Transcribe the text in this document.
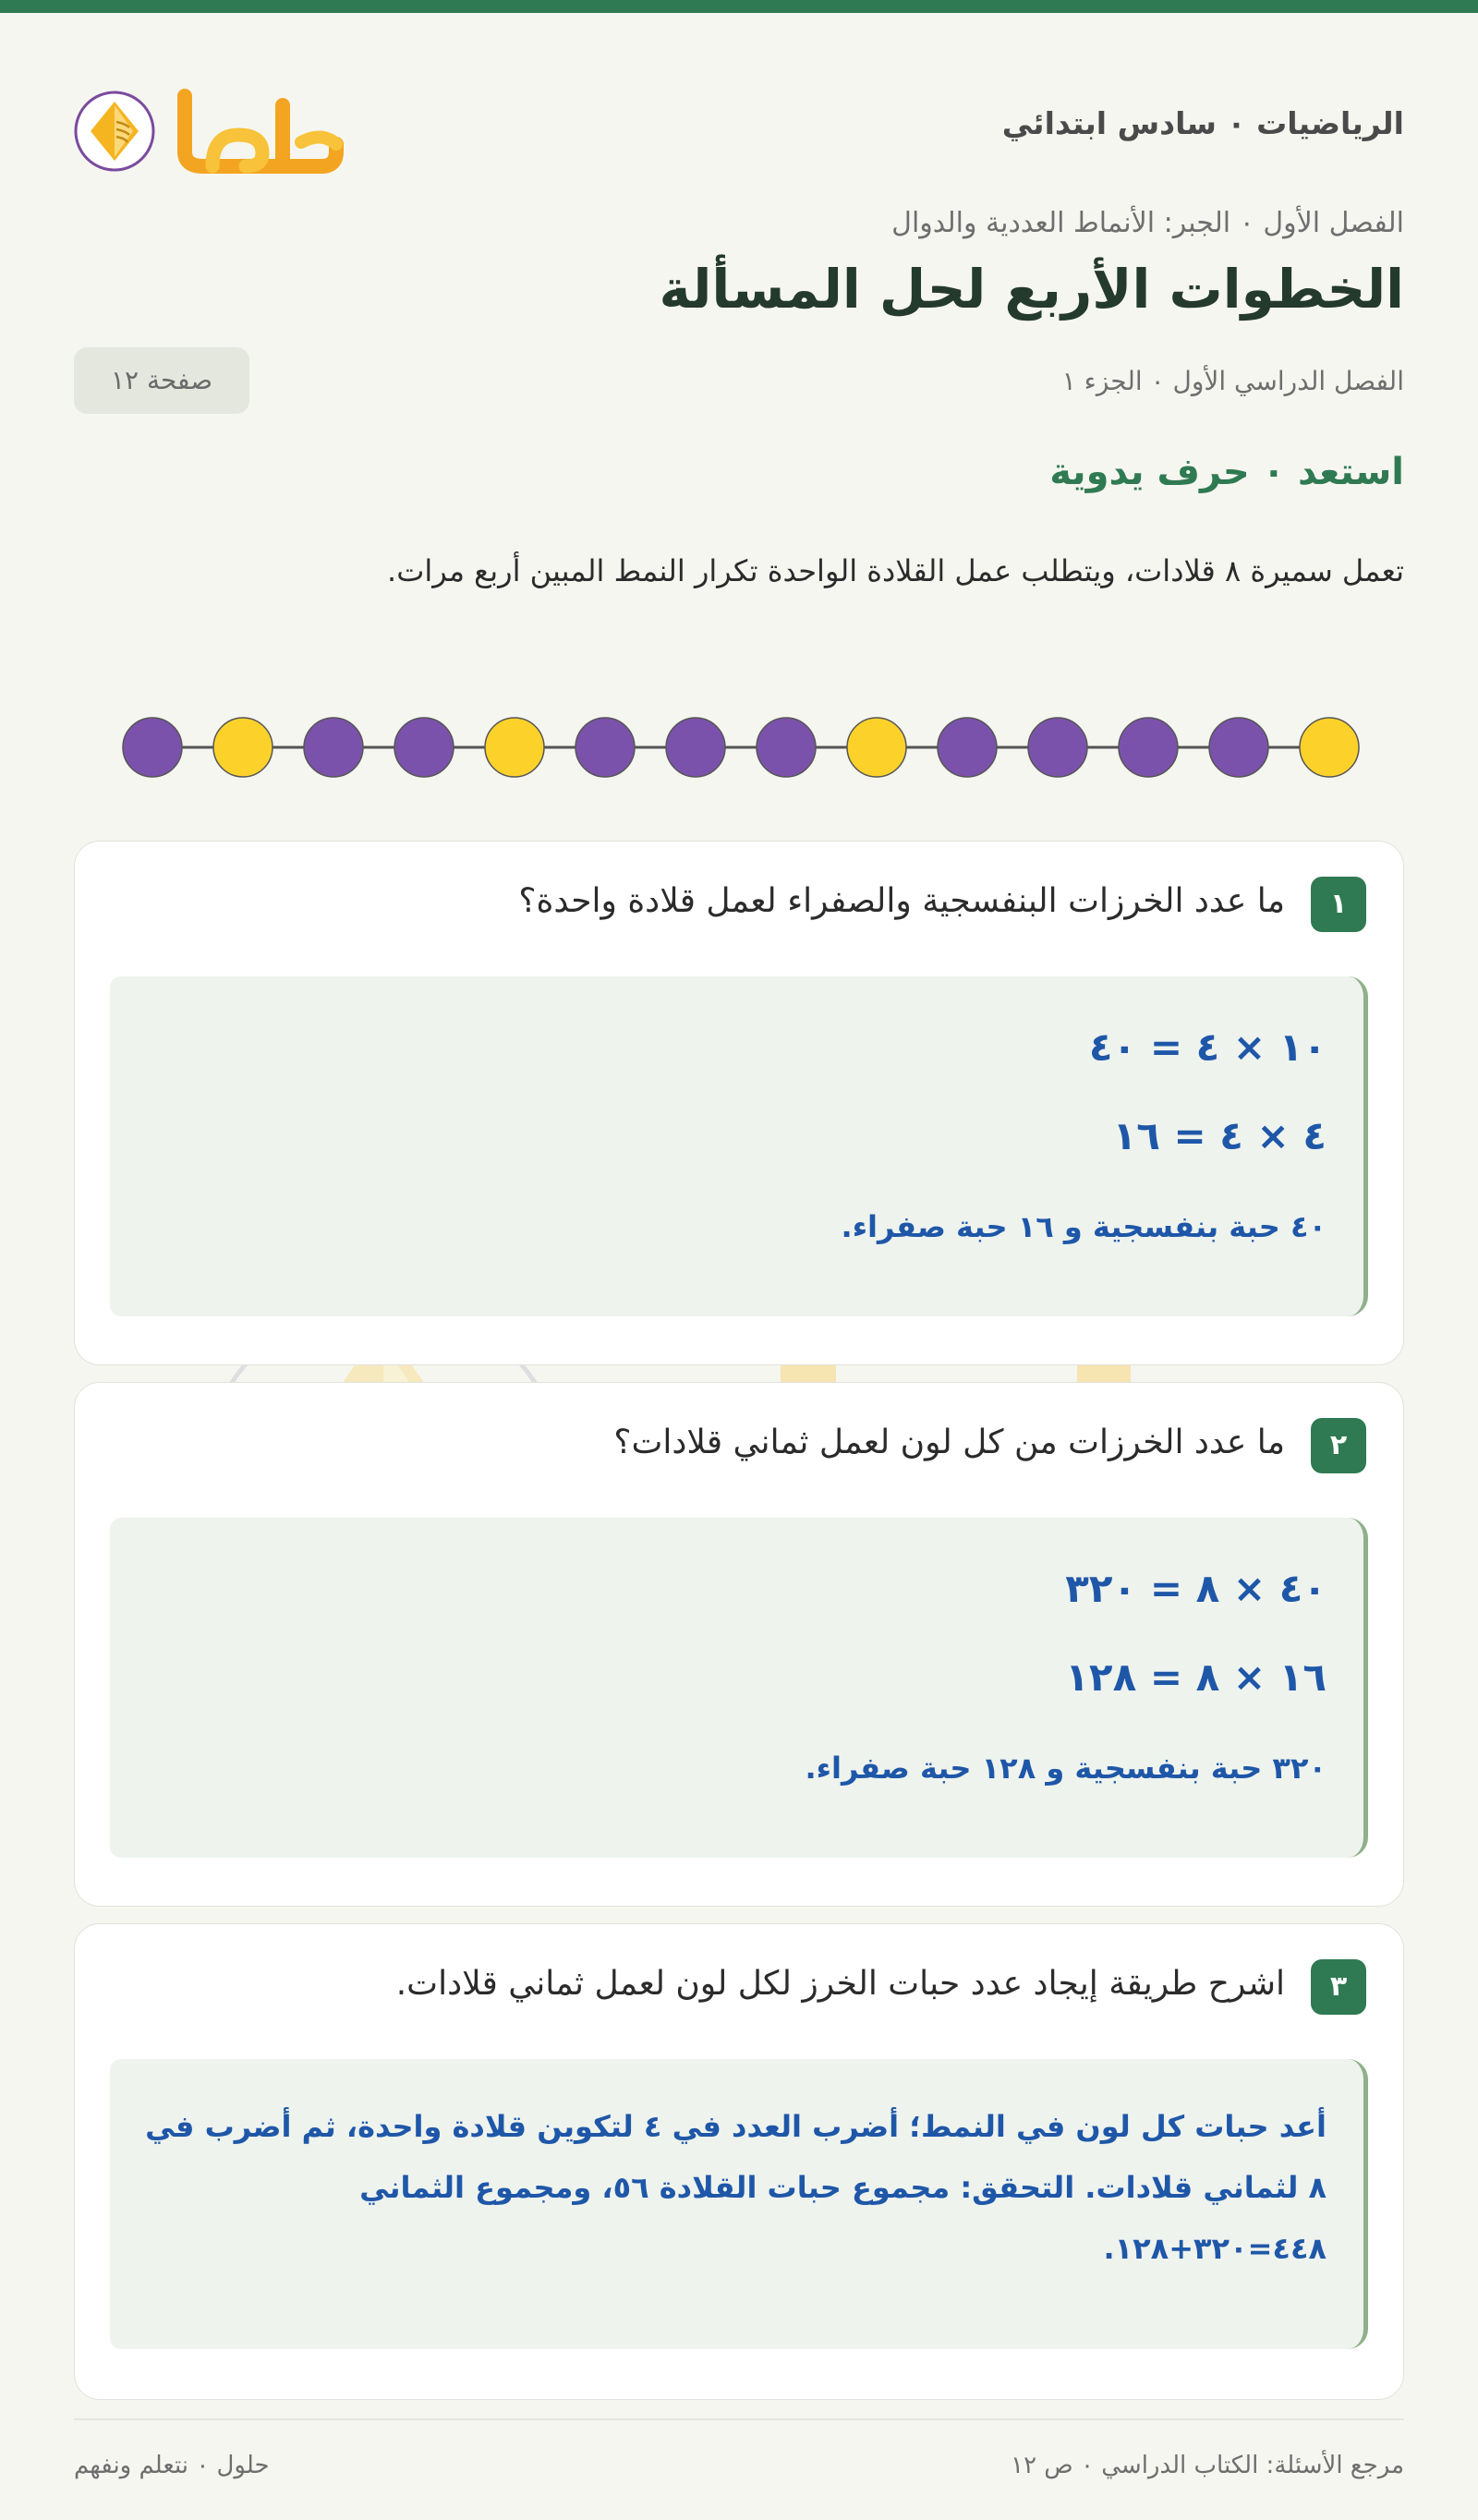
الرياضيات ٠ سادس ابتدائي
حلول
الفصل الأول ٠ الجبر: الأنماط العددية والدوال
الخطوات الأربع لحل المسألة
الفصل الدراسي الأول ٠ الجزء ١
صفحة ١٢
استعد ٠ حرف يدوية
تعمل سميرة ٨ قلادات، ويتطلب عمل القلادة الواحدة تكرار النمط المبين أربع مرات.
١
ما عدد الخرزات البنفسجية والصفراء لعمل قلادة واحدة؟
١٠ × ٤ = ٤٠
٤ × ٤ = ١٦
٤٠ حبة بنفسجية و ١٦ حبة صفراء.
٢
ما عدد الخرزات من كل لون لعمل ثماني قلادات؟
٤٠ × ٨ = ٣٢٠
١٦ × ٨ = ١٢٨
٣٢٠ حبة بنفسجية و ١٢٨ حبة صفراء.
٣
اشرح طريقة إيجاد عدد حبات الخرز لكل لون لعمل ثماني قلادات.
أعد حبات كل لون في النمط؛ أضرب العدد في ٤ لتكوين قلادة واحدة، ثم أضرب في ٨ لثماني قلادات. التحقق: مجموع حبات القلادة ٥٦، ومجموع الثماني ٤٤٨=٣٢٠+١٢٨.
مرجع الأسئلة: الكتاب الدراسي ٠ ص ١٢
حلول ٠ نتعلم ونفهم
